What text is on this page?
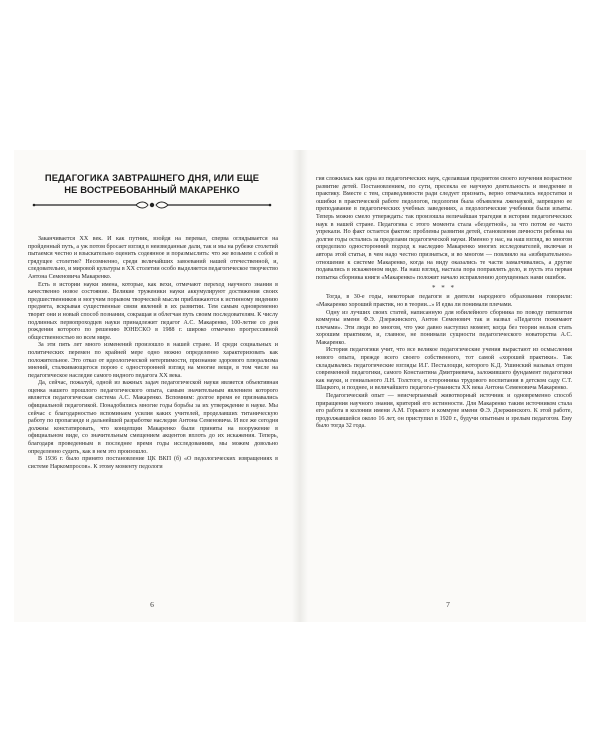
ПЕДАГОГИКА ЗАВТРАШНЕГО ДНЯ, ИЛИ ЕЩЕ
НЕ ВОСТРЕБОВАННЫЙ МАКАРЕНКО

Заканчивается XX век. И как путник, взойдя на перевал, сперва оглядывается на пройденный путь, а уж потом бросает взгляд в неизведанные дали, так и мы на рубеже столетий пытаемся честно и взыскательно оценить содеянное и поразмыслить: что же возьмем с собой в грядущее столетие? Несомненно, среди величайших завоеваний нашей отечественной, и, следовательно, и мировой культуры в XX столетии особо выделяется педагогическое творчество Антона Семеновича Макаренко.

Есть в истории науки имена, которые, как вехи, отмечают переход научного знания в качественно новое состояние. Великие труженики науки аккумулируют достижения своих предшественников и могучим порывом творческой мысли приближаются к истинному видению предмета, вскрывая существенные связи явлений в их развитии. Тем самым одновременно творят они и новый способ познания, сокращая и облегчая путь своим последователям. К числу подлинных первопроходцев науки принадлежит педагог А.С. Макаренко, 100-летие со дня рождения которого по решению ЮНЕСКО в 1988 г. широко отмечено прогрессивной общественностью во всем мире.

За эти пять лет много изменений произошло в нашей стране. И среди социальных и политических перемен по крайней мере одно можно определенно характеризовать как положительное. Это отказ от идеологической нетерпимости, признание здорового плюрализма мнений, сталкивающегося порою с односторонней взгляд на многие вещи, в том числе на педагогическое наследие самого видного педагога XX века.

Да, сейчас, пожалуй, одной из важных задач педагогической науки является объективная оценка нашего прошлого педагогического опыта, самым значительным явлением которого является педагогическая система А.С. Макаренко. Вспомним: долгое время ее признавались официальной педагогикой. Понадобились многие годы борьбы за их утверждение в науке. Мы сейчас с благодарностью вспоминаем усилия каких учителей, проделавших титаническую работу по пропаганде и дальнейшей разработке наследия Антона Семеновича. И все же сегодня должны констатировать, что концепции Макаренко были приняты на вооружение в официальном виде, со значительным смещением акцентов вплоть до их искажения. Теперь, благодаря проведенным в последнее время годы исследованиям, мы можем довольно определенно судить, как в нем это произошло.

В 1936 г. было принято постановление ЦК ВКП (б) «О педологических извращениях в системе Наркомпросов». К этому моменту педологи

6

гия сложилась как одна из педагогических наук, сделавшая предметом своего изучения возрастное развитие детей. Постановлением, по сути, пресекла ее научную деятельность и внедрение в практику. Вместе с тем, справедливости ради следует признать, верно отмечались недостатки и ошибки в практической работе педологов, педология была объявлена лженаукой, запрещено ее преподавание в педагогических учебных заведениях, а педологические учебники были изъяты. Теперь можно смело утверждать: так произошла величайшая трагедия в истории педагогических наук в нашей стране. Педагогика с этого момента стала «бездетной», за что потом ее часто упрекали. Но факт остается фактом: проблемы развития детей, становления личности ребенка на долгие годы остались за пределами педагогической науки. Именно у нас, на наш взгляд, во многом определило односторонний подход к наследию Макаренко многих исследователей, включая и автора этой статьи, в чем надо честно признаться, и во многом — повлияло на «избирательное» отношение к системе Макаренко, когда на виду оказались те части замалчивались, а другие подавались в искаженном виде. На наш взгляд, настала пора поправлять дело, и пусть эта первая попытка сборника книги «Макаренко» положит начало исправлению допущенных нами ошибок.

* * *

Тогда, в 30-е годы, некоторые педагоги и деятели народного образования говорили: «Макаренко хороший практик, но в теории...» И едва ли понимали плечами.

Одну из лучших своих статей, написанную для юбилейного сборника по поводу пятилетия коммуны имени Ф.Э. Дзержинского, Антон Семенович так и назвал «Педагоги пожимают плечами». Эти люди во многом, что уже давно наступил момент, когда без теории нельзя стать хорошим практиком, и, главное, не понимали сущности педагогического новаторства А.С. Макаренко.

История педагогики учит, что все великое педагогические учения вырастают из осмысления нового опыта, прежде всего своего собственного, тот самой «хорошей практики». Так складывались педагогические взгляды И.Г. Песталоцци, которого К.Д. Ушинский называл отцом современной педагогики, самого Константина Дмитриевича, заложившего фундамент педагогики как науки, и гениального Л.Н. Толстого, и сторонника трудового воспитания в детском саду С.Т. Шацкого, и позднее, и величайшего педагога-гуманиста XX века Антона Семеновича Макаренко.

Педагогический опыт — неисчерпаемый животворный источник и одновременно способ приращения научного знания, критерий его истинности. Для Макаренко таким источником стала его работа в колонии имени А.М. Горького и коммуне имени Ф.Э. Дзержинского. К этой работе, продолжавшейся около 16 лет, он приступил в 1920 г., будучи опытным и зрелым педагогом. Ему было тогда 32 года.

7
